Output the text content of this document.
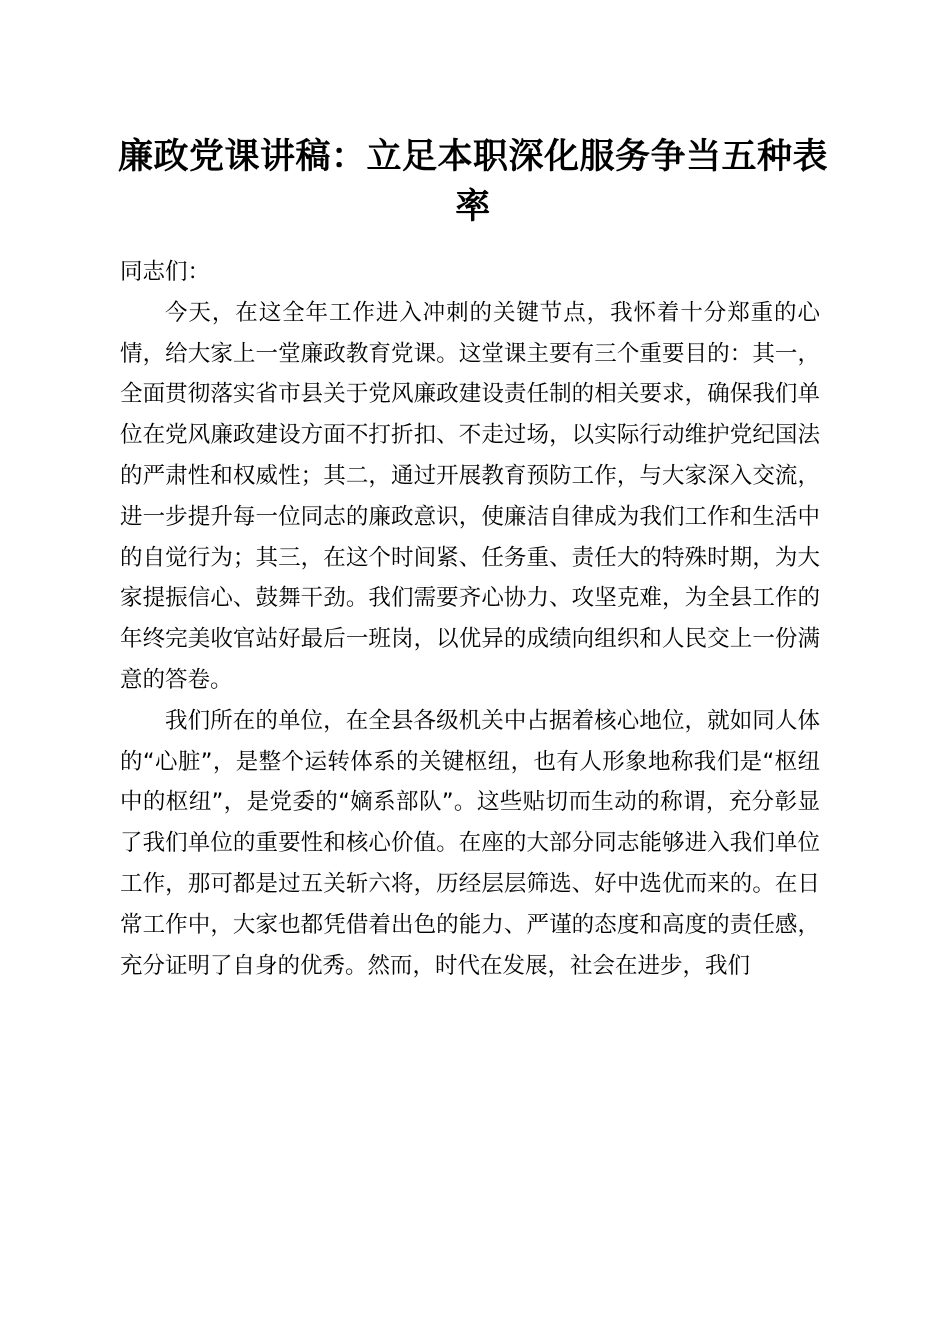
廉政党课讲稿：立足本职深化服务争当五种表率

同志们：

今天，在这全年工作进入冲刺的关键节点，我怀着十分郑重的心情，给大家上一堂廉政教育党课。这堂课主要有三个重要目的：其一，全面贯彻落实省市县关于党风廉政建设责任制的相关要求，确保我们单位在党风廉政建设方面不打折扣、不走过场，以实际行动维护党纪国法的严肃性和权威性；其二，通过开展教育预防工作，与大家深入交流，进一步提升每一位同志的廉政意识，使廉洁自律成为我们工作和生活中的自觉行为；其三，在这个时间紧、任务重、责任大的特殊时期，为大家提振信心、鼓舞干劲。我们需要齐心协力、攻坚克难，为全县工作的年终完美收官站好最后一班岗，以优异的成绩向组织和人民交上一份满意的答卷。

我们所在的单位，在全县各级机关中占据着核心地位，就如同人体的“心脏”，是整个运转体系的关键枢纽，也有人形象地称我们是“枢纽中的枢纽”，是党委的“嫡系部队”。这些贴切而生动的称谓，充分彰显了我们单位的重要性和核心价值。在座的大部分同志能够进入我们单位工作，那可都是过五关斩六将，历经层层筛选、好中选优而来的。在日常工作中，大家也都凭借着出色的能力、严谨的态度和高度的责任感，充分证明了自身的优秀。然而，时代在发展，社会在进步，我们
